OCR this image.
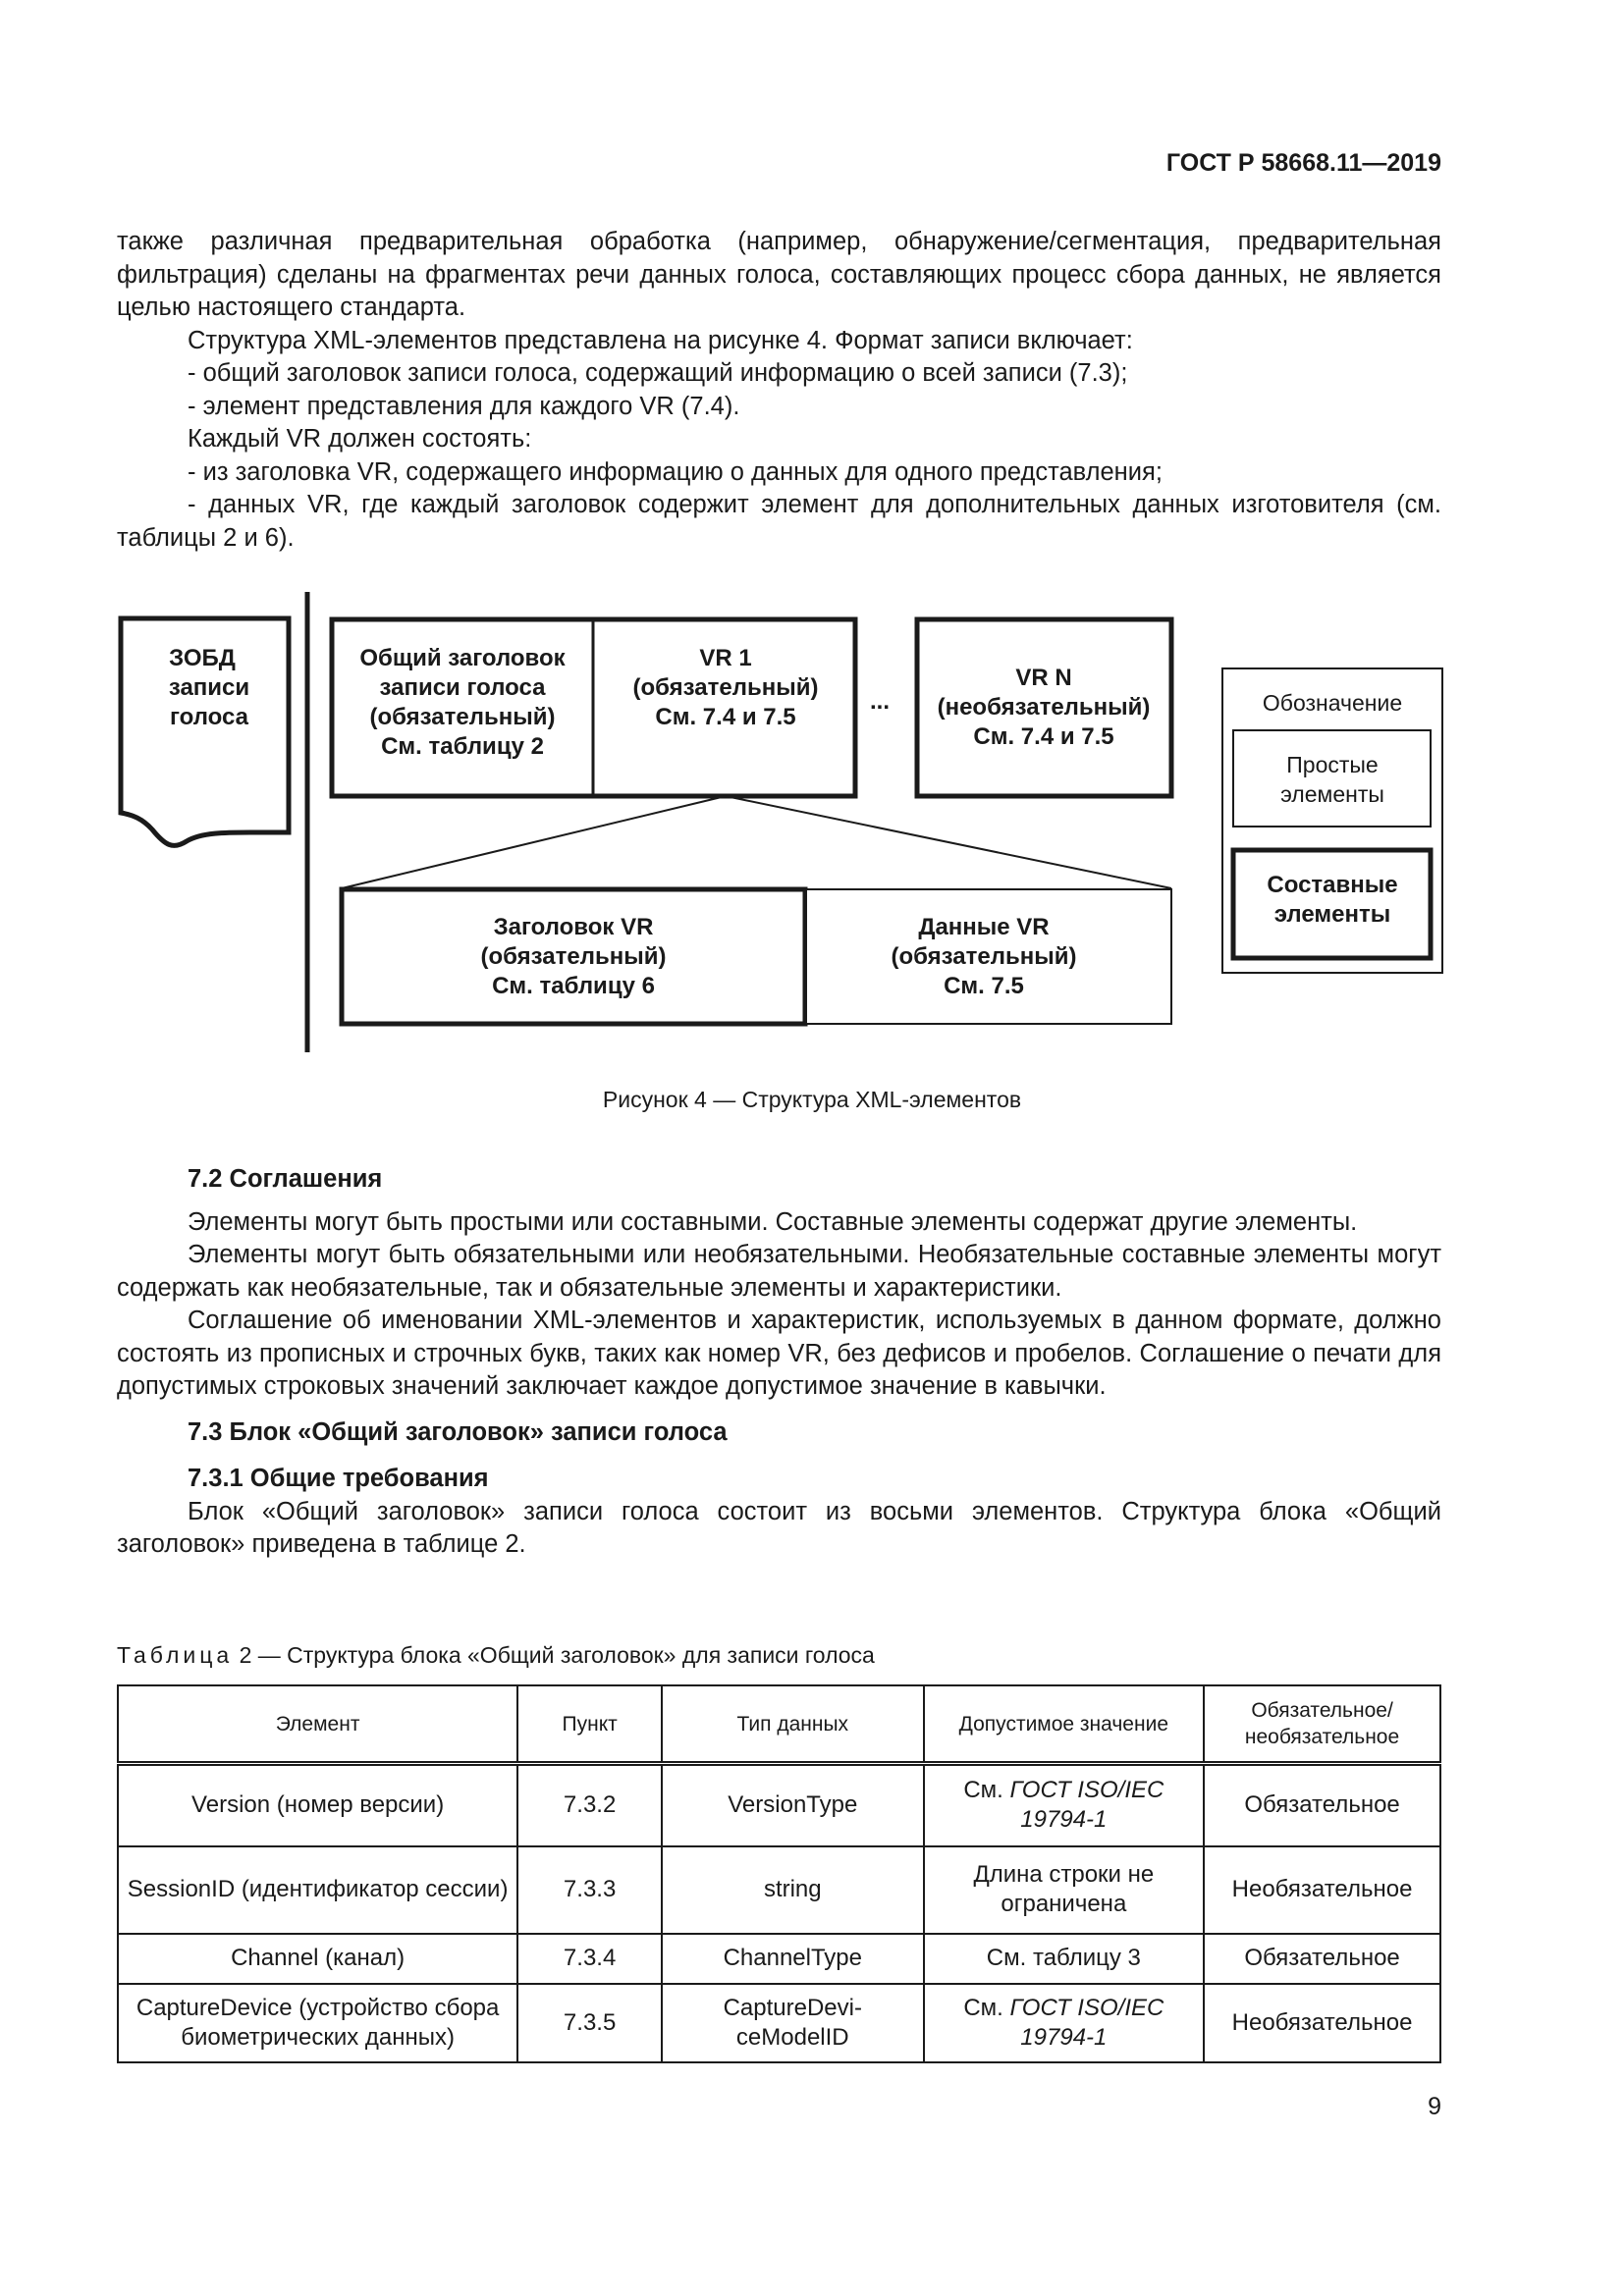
ГОСТ Р 58668.11—2019

также различная предварительная обработка (например, обнаружение/сегментация, предварительная фильтрация) сделаны на фрагментах речи данных голоса, составляющих процесс сбора данных, не является целью настоящего стандарта.

Структура XML-элементов представлена на рисунке 4. Формат записи включает:

- общий заголовок записи голоса, содержащий информацию о всей записи (7.3);

- элемент представления для каждого VR (7.4).

Каждый VR должен состоять:

- из заголовка VR, содержащего информацию о данных для одного представления;

- данных VR, где каждый заголовок содержит элемент для дополнительных данных изготовителя (см. таблицы 2 и 6).

ЗОБД
записи
голоса
Общий заголовок
записи голоса
(обязательный)
См. таблицу 2
VR 1
(обязательный)
См. 7.4 и 7.5
...
VR N
(необязательный)
См. 7.4 и 7.5
Заголовок VR
(обязательный)
См. таблицу 6
Данные VR
(обязательный)
См. 7.5
Обозначение
Простые
элементы
Составные
элементы
Рисунок 4 — Структура XML-элементов

7.2 Соглашения

Элементы могут быть простыми или составными. Составные элементы содержат другие элементы.

Элементы могут быть обязательными или необязательными. Необязательные составные элементы могут содержать как необязательные, так и обязательные элементы и характеристики.

Соглашение об именовании XML-элементов и характеристик, используемых в данном формате, должно состоять из прописных и строчных букв, таких как номер VR, без дефисов и пробелов. Соглашение о печати для допустимых строковых значений заключает каждое допустимое значение в кавычки.

7.3 Блок «Общий заголовок» записи голоса

7.3.1 Общие требования

Блок «Общий заголовок» записи голоса состоит из восьми элементов. Структура блока «Общий заголовок» приведена в таблице 2.

Таблица 2 — Структура блока «Общий заголовок» для записи голоса
Элемент	Пункт	Тип данных	Допустимое значение	Обязательное/ необязательное
Version (номер версии)	7.3.2	VersionType	См. ГОСТ ISO/IEC 19794-1	Обязательное
SessionID (идентификатор сессии)	7.3.3	string	Длина строки не ограничена	Необязательное
Channel (канал)	7.3.4	ChannelType	См. таблицу 3	Обязательное
CaptureDevice (устройство сбора биометрических данных)	7.3.5	CaptureDevi-ceModelID	См. ГОСТ ISO/IEC 19794-1	Необязательное
9
